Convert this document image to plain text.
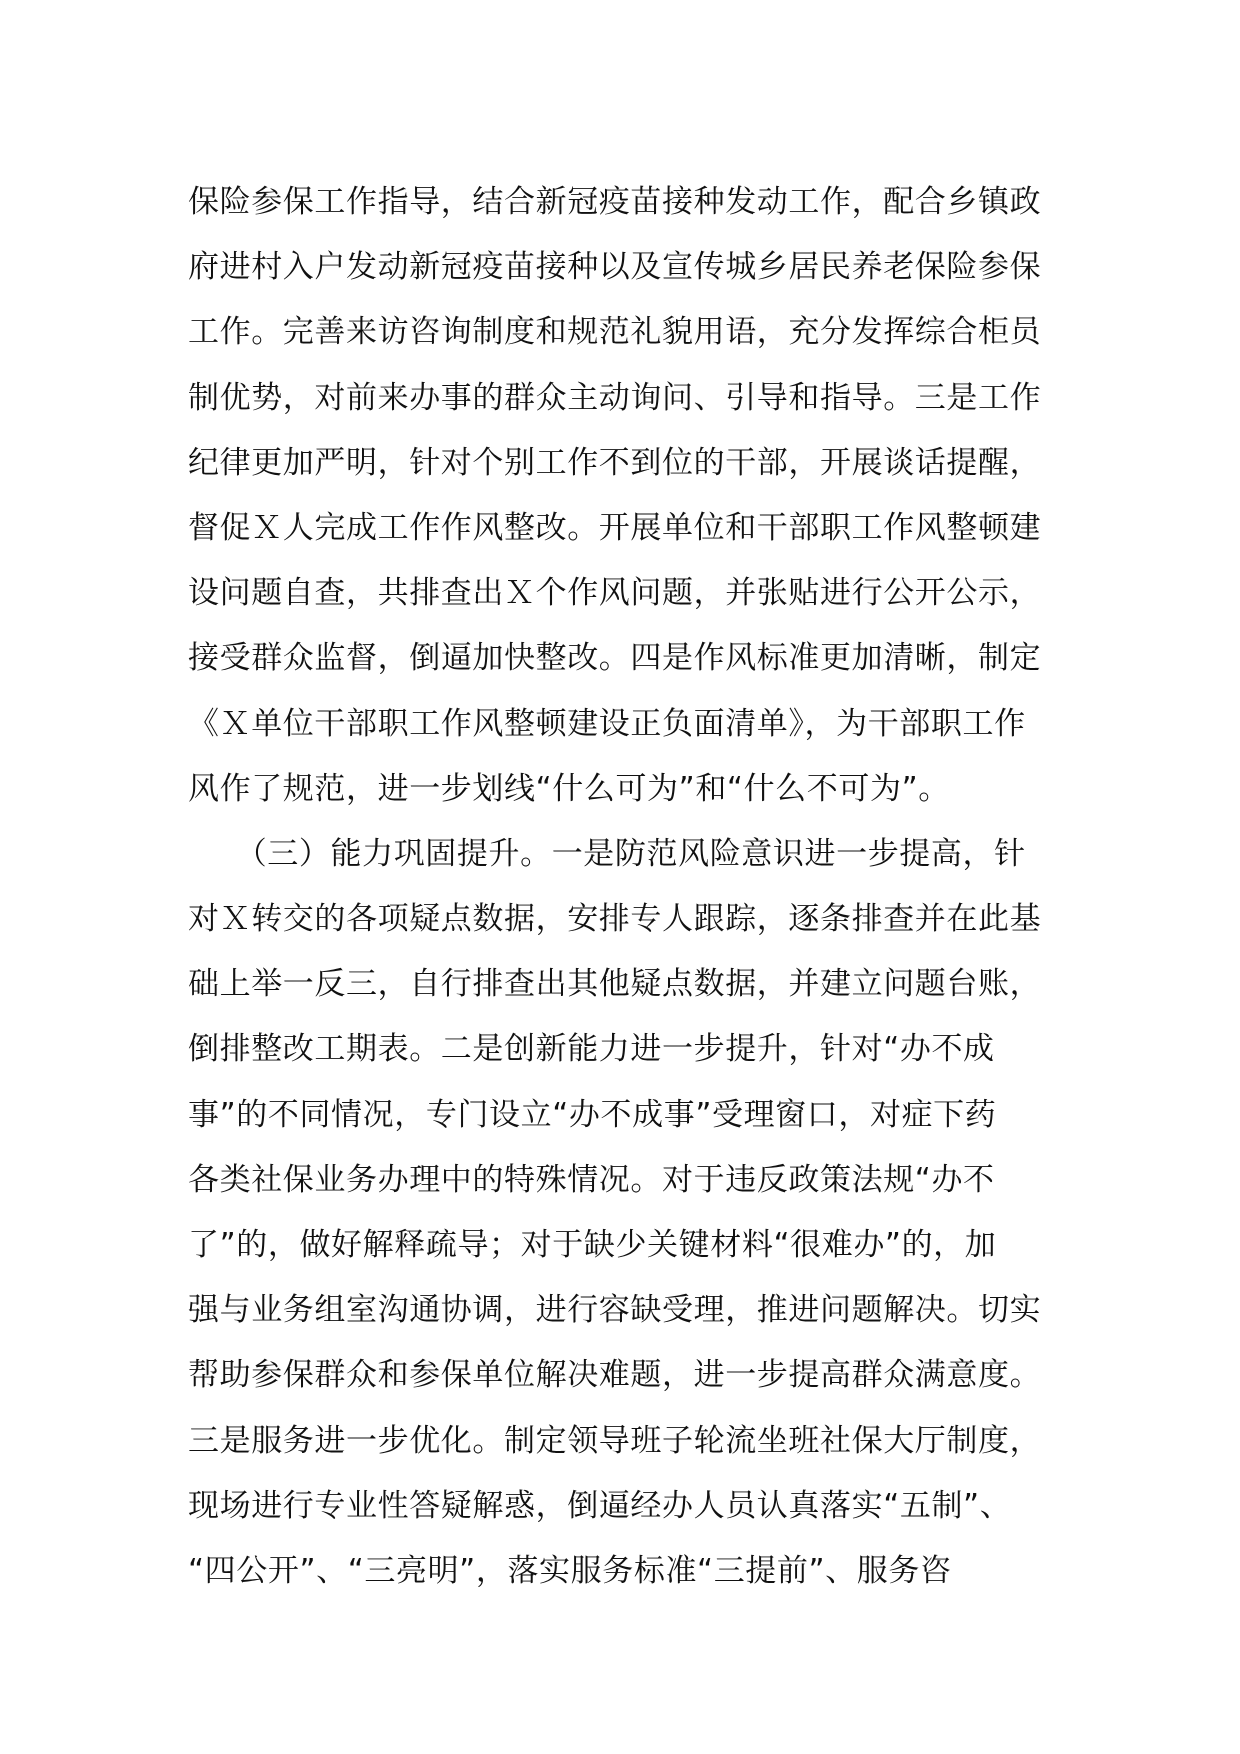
保险参保工作指导，结合新冠疫苗接种发动工作，配合乡镇政
府进村入户发动新冠疫苗接种以及宣传城乡居民养老保险参保
工作。完善来访咨询制度和规范礼貌用语，充分发挥综合柜员
制优势，对前来办事的群众主动询问、引导和指导。三是工作
纪律更加严明，针对个别工作不到位的干部，开展谈话提醒，
督促Ｘ人完成工作作风整改。开展单位和干部职工作风整顿建
设问题自查，共排查出Ｘ个作风问题，并张贴进行公开公示，
接受群众监督，倒逼加快整改。四是作风标准更加清晰，制定
《Ｘ单位干部职工作风整顿建设正负面清单》，为干部职工作
风作了规范，进一步划线“什么可为”和“什么不可为”。
　　（三）能力巩固提升。一是防范风险意识进一步提高，针
对Ｘ转交的各项疑点数据，安排专人跟踪，逐条排查并在此基
础上举一反三，自行排查出其他疑点数据，并建立问题台账，
倒排整改工期表。二是创新能力进一步提升，针对“办不成
事”的不同情况，专门设立“办不成事”受理窗口，对症下药
各类社保业务办理中的特殊情况。对于违反政策法规“办不
了”的，做好解释疏导；对于缺少关键材料“很难办”的，加
强与业务组室沟通协调，进行容缺受理，推进问题解决。切实
帮助参保群众和参保单位解决难题，进一步提高群众满意度。
三是服务进一步优化。制定领导班子轮流坐班社保大厅制度，
现场进行专业性答疑解惑，倒逼经办人员认真落实“五制”、
“四公开”、“三亮明”，落实服务标准“三提前”、服务咨
